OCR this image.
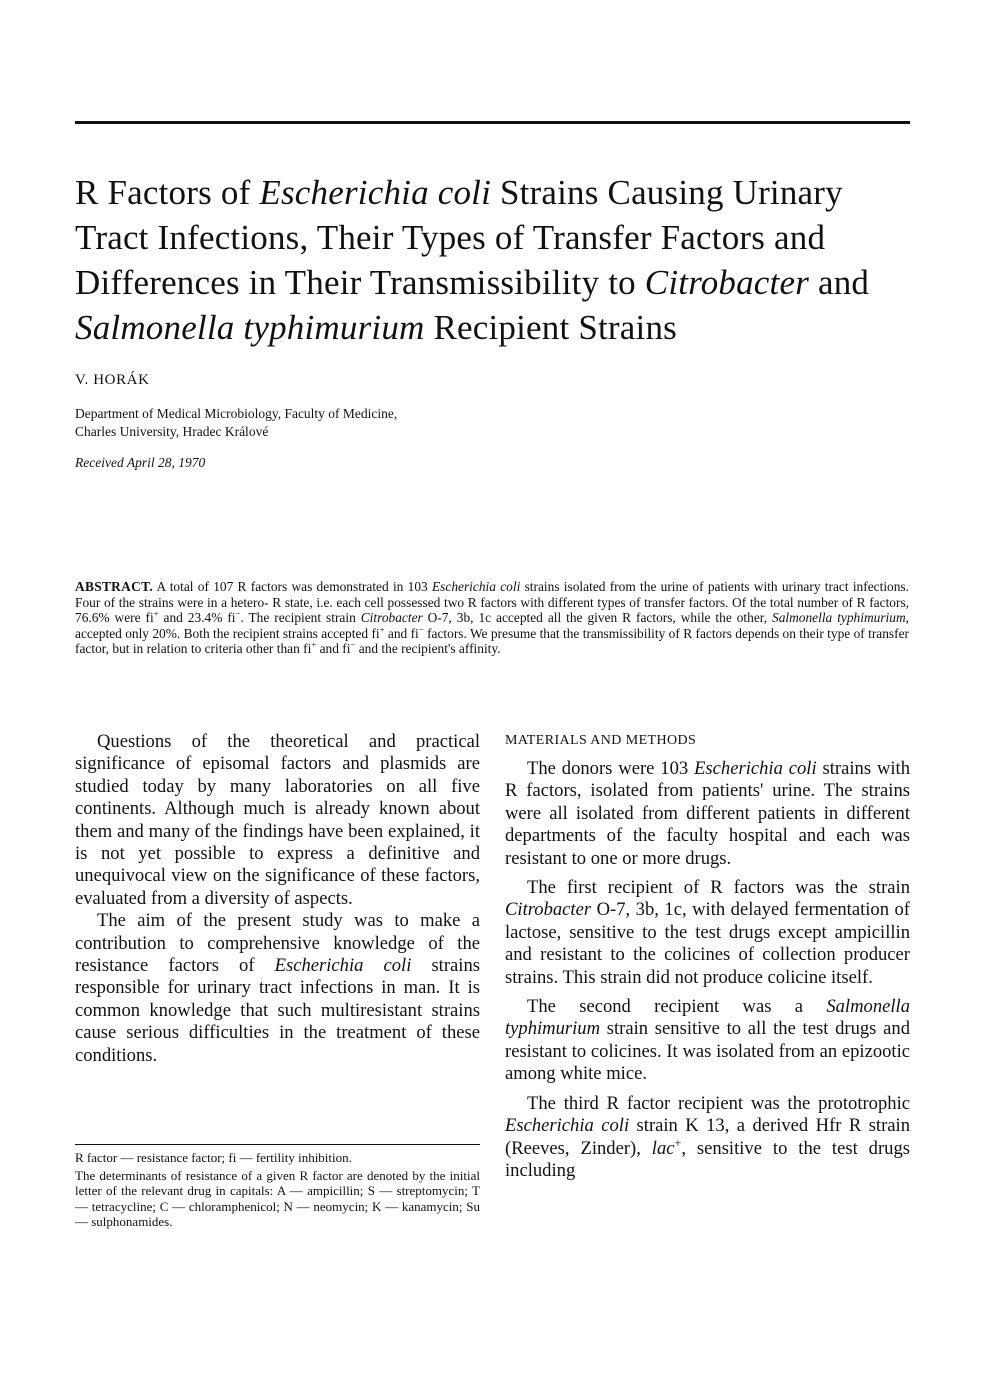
R Factors of Escherichia coli Strains Causing Urinary Tract Infections, Their Types of Transfer Factors and Differences in Their Transmissibility to Citrobacter and Salmonella typhimurium Recipient Strains
V. HORÁK
Department of Medical Microbiology, Faculty of Medicine,
Charles University, Hradec Králové
Received April 28, 1970

ABSTRACT. A total of 107 R factors was demonstrated in 103 Escherichia coli strains isolated from the urine of patients with urinary tract infections. Four of the strains were in a hetero- R state, i.e. each cell possessed two R factors with different types of transfer factors. Of the total number of R factors, 76.6% were fi+ and 23.4% fi−. The recipient strain Citrobacter O-7, 3b, 1c accepted all the given R factors, while the other, Salmonella typhimurium, accepted only 20%. Both the recipient strains accepted fi+ and fi− factors. We presume that the transmissibility of R factors depends on their type of transfer factor, but in relation to criteria other than fi+ and fi− and the recipient's affinity.

Questions of the theoretical and practical significance of episomal factors and plasmids are studied today by many laboratories on all five continents. Although much is already known about them and many of the findings have been explained, it is not yet possible to express a definitive and unequivocal view on the significance of these factors, evaluated from a diversity of aspects.

The aim of the present study was to make a contribution to comprehensive knowledge of the resistance factors of Escherichia coli strains responsible for urinary tract infections in man. It is common knowledge that such multiresistant strains cause serious difficulties in the treatment of these conditions.

R factor — resistance factor; fi — fertility inhibition.

The determinants of resistance of a given R factor are denoted by the initial letter of the relevant drug in capitals: A — ampicillin; S — streptomycin; T — tetracycline; C — chloramphenicol; N — neomycin; K — kanamycin; Su — sulphonamides.

MATERIALS AND METHODS

The donors were 103 Escherichia coli strains with R factors, isolated from patients' urine. The strains were all isolated from different patients in different departments of the faculty hospital and each was resistant to one or more drugs.

The first recipient of R factors was the strain Citrobacter O-7, 3b, 1c, with delayed fermentation of lactose, sensitive to the test drugs except ampicillin and resistant to the colicines of collection producer strains. This strain did not produce colicine itself.

The second recipient was a Salmonella typhimurium strain sensitive to all the test drugs and resistant to colicines. It was isolated from an epizootic among white mice.

The third R factor recipient was the prototrophic Escherichia coli strain K 13, a derived Hfr R strain (Reeves, Zinder), lac+, sensitive to the test drugs including
